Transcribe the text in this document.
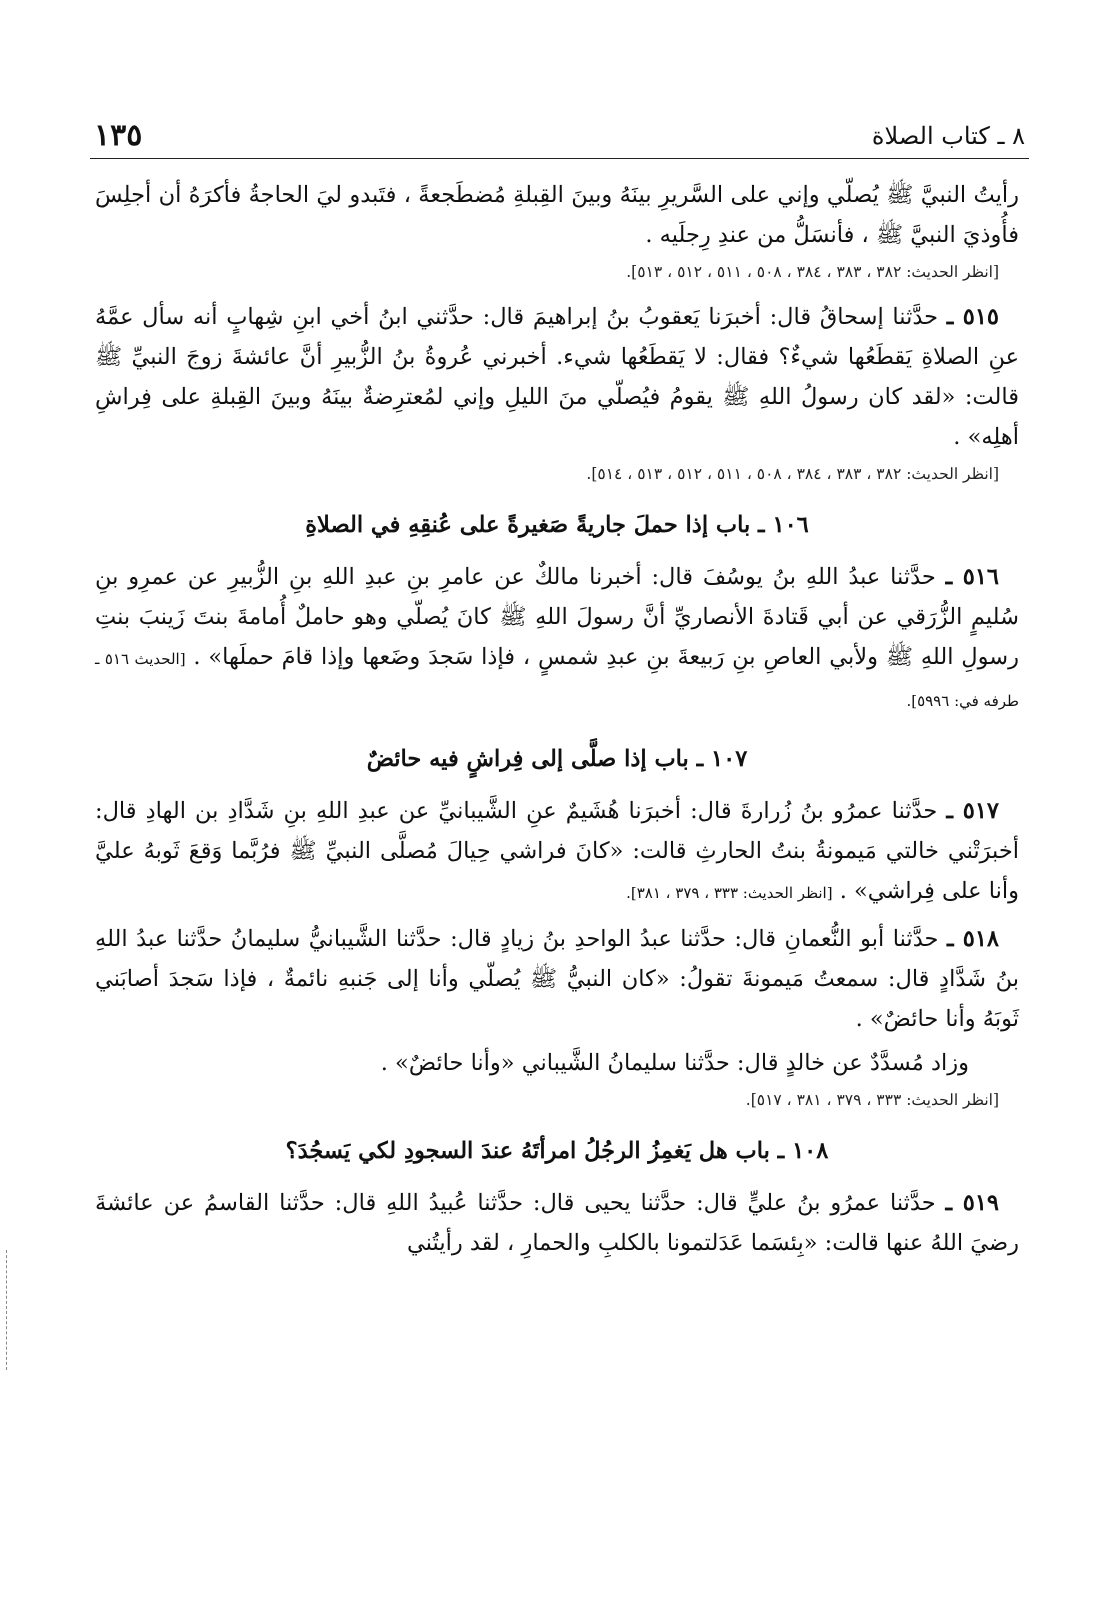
١٣٥	٨ ـ كتاب الصلاة

رأيتُ النبيَّ ﷺ يُصلّي وإني على السَّريرِ بينَهُ وبينَ القِبلةِ مُضطَجعةً ، فتَبدو ليَ الحاجةُ فأكرَهُ أن أجلِسَ فأُوذيَ النبيَّ ﷺ ، فأنسَلُّ من عندِ رِجلَيه .

[انظر الحديث: ٣٨٢ ، ٣٨٣ ، ٣٨٤ ، ٥٠٨ ، ٥١١ ، ٥١٢ ، ٥١٣].

٥١٥ ـ حدَّثنا إسحاقُ قال: أخبرَنا يَعقوبُ بنُ إبراهيمَ قال: حدَّثني ابنُ أخي ابنِ شِهابٍ أنه سأل عمَّهُ عنِ الصلاةِ يَقطَعُها شيءٌ؟ فقال: لا يَقطَعُها شيء. أخبرني عُروةُ بنُ الزُّبيرِ أنَّ عائشةَ زوجَ النبيِّ ﷺ قالت: «لقد كان رسولُ اللهِ ﷺ يقومُ فيُصلّي منَ الليلِ وإني لمُعترِضةٌ بينَهُ وبينَ القِبلةِ على فِراشِ أهلِه» .

[انظر الحديث: ٣٨٢ ، ٣٨٣ ، ٣٨٤ ، ٥٠٨ ، ٥١١ ، ٥١٢ ، ٥١٣ ، ٥١٤].

١٠٦ ـ باب إذا حملَ جاريةً صَغيرةً على عُنقِهِ في الصلاةِ

٥١٦ ـ حدَّثنا عبدُ اللهِ بنُ يوسُفَ قال: أخبرنا مالكٌ عن عامرِ بنِ عبدِ اللهِ بنِ الزُّبيرِ عن عمرِو بنِ سُليمٍ الزُّرَقي عن أبي قَتادةَ الأنصاريِّ أنَّ رسولَ اللهِ ﷺ كانَ يُصلّي وهو حاملٌ أُمامةَ بنتَ زَينبَ بنتِ رسولِ اللهِ ﷺ ولأبي العاصِ بنِ رَبيعةَ بنِ عبدِ شمسٍ ، فإذا سَجدَ وضَعها وإذا قامَ حملَها» . [الحديث ٥١٦ ـ طرفه في: ٥٩٩٦].

١٠٧ ـ باب إذا صلَّى إلى فِراشٍ فيه حائضٌ

٥١٧ ـ حدَّثنا عمرُو بنُ زُرارةَ قال: أخبرَنا هُشَيمٌ عنِ الشَّيبانيِّ عن عبدِ اللهِ بنِ شَدَّادِ بن الهادِ قال: أخبرَتْني خالتي مَيمونةُ بنتُ الحارثِ قالت: «كانَ فراشي حِيالَ مُصلَّى النبيِّ ﷺ فرُبَّما وَقعَ ثَوبهُ عليَّ وأنا على فِراشي» . [انظر الحديث: ٣٣٣ ، ٣٧٩ ، ٣٨١].

٥١٨ ـ حدَّثنا أبو النُّعمانِ قال: حدَّثنا عبدُ الواحدِ بنُ زيادٍ قال: حدَّثنا الشَّيبانيُّ سليمانُ حدَّثنا عبدُ اللهِ بنُ شَدَّادٍ قال: سمعتُ مَيمونةَ تقولُ: «كان النبيُّ ﷺ يُصلّي وأنا إلى جَنبهِ نائمةٌ ، فإذا سَجدَ أصابَني ثَوبَهُ وأنا حائضٌ» .

وزاد مُسدَّدٌ عن خالدٍ قال: حدَّثنا سليمانُ الشَّيباني «وأنا حائضٌ» .

[انظر الحديث: ٣٣٣ ، ٣٧٩ ، ٣٨١ ، ٥١٧].

١٠٨ ـ باب هل يَغمِزُ الرجُلُ امرأتَهُ عندَ السجودِ لكي يَسجُدَ؟

٥١٩ ـ حدَّثنا عمرُو بنُ عليٍّ قال: حدَّثنا يحيى قال: حدَّثنا عُبيدُ اللهِ قال: حدَّثنا القاسمُ عن عائشةَ رضيَ اللهُ عنها قالت: «بِئسَما عَدَلتمونا بالكلبِ والحمارِ ، لقد رأيتُني
